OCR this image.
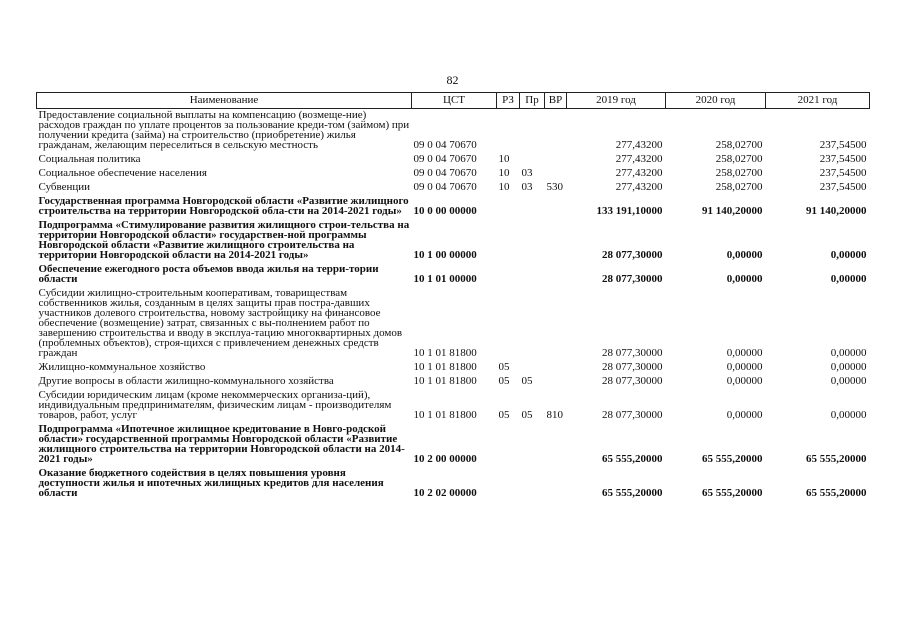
82
Наименование	ЦСТ	РЗ	Пр	ВР	2019 год	2020 год	2021 год
Предоставление социальной выплаты на компенсацию (возмеще-ние) расходов граждан по уплате процентов за пользование креди-том (займом) при получении кредита (займа) на строительство (приобретение) жилья гражданам, желающим переселиться в сельскую местность	09 0 04 70670				277,43200	258,02700	237,54500
Социальная политика	09 0 04 70670	10			277,43200	258,02700	237,54500
Социальное обеспечение населения	09 0 04 70670	10	03		277,43200	258,02700	237,54500
Субвенции	09 0 04 70670	10	03	530	277,43200	258,02700	237,54500
Государственная программа Новгородской области «Развитие жилищного строительства на территории Новгородской обла-сти на 2014-2021 годы»	10 0 00 00000				133 191,10000	91 140,20000	91 140,20000
Подпрограмма «Стимулирование развития жилищного строи-тельства на территории Новгородской области» государствен-ной программы Новгородской области «Развитие жилищного строительства на территории Новгородской области на 2014-2021 годы»	10 1 00 00000				28 077,30000	0,00000	0,00000
Обеспечение ежегодного роста объемов ввода жилья на терри-тории области	10 1 01 00000				28 077,30000	0,00000	0,00000
Субсидии жилищно-строительным кооперативам, товариществам собственников жилья, созданным в целях защиты прав постра-давших участников долевого строительства, новому застройщику на финансовое обеспечение (возмещение) затрат, связанных с вы-полнением работ по завершению строительства и вводу в эксплуа-тацию многоквартирных домов (проблемных объектов), строя-щихся с привлечением денежных средств граждан	10 1 01 81800				28 077,30000	0,00000	0,00000
Жилищно-коммунальное хозяйство	10 1 01 81800	05			28 077,30000	0,00000	0,00000
Другие вопросы в области жилищно-коммунального хозяйства	10 1 01 81800	05	05		28 077,30000	0,00000	0,00000
Субсидии юридическим лицам (кроме некоммерческих организа-ций), индивидуальным предпринимателям, физическим лицам - производителям товаров, работ, услуг	10 1 01 81800	05	05	810	28 077,30000	0,00000	0,00000
Подпрограмма «Ипотечное жилищное кредитование в Новго-родской области» государственной программы Новгородской области «Развитие жилищного строительства на территории Новгородской области на 2014-2021 годы»	10 2 00 00000				65 555,20000	65 555,20000	65 555,20000
Оказание бюджетного содействия в целях повышения уровня доступности жилья и ипотечных жилищных кредитов для населения области	10 2 02 00000				65 555,20000	65 555,20000	65 555,20000
